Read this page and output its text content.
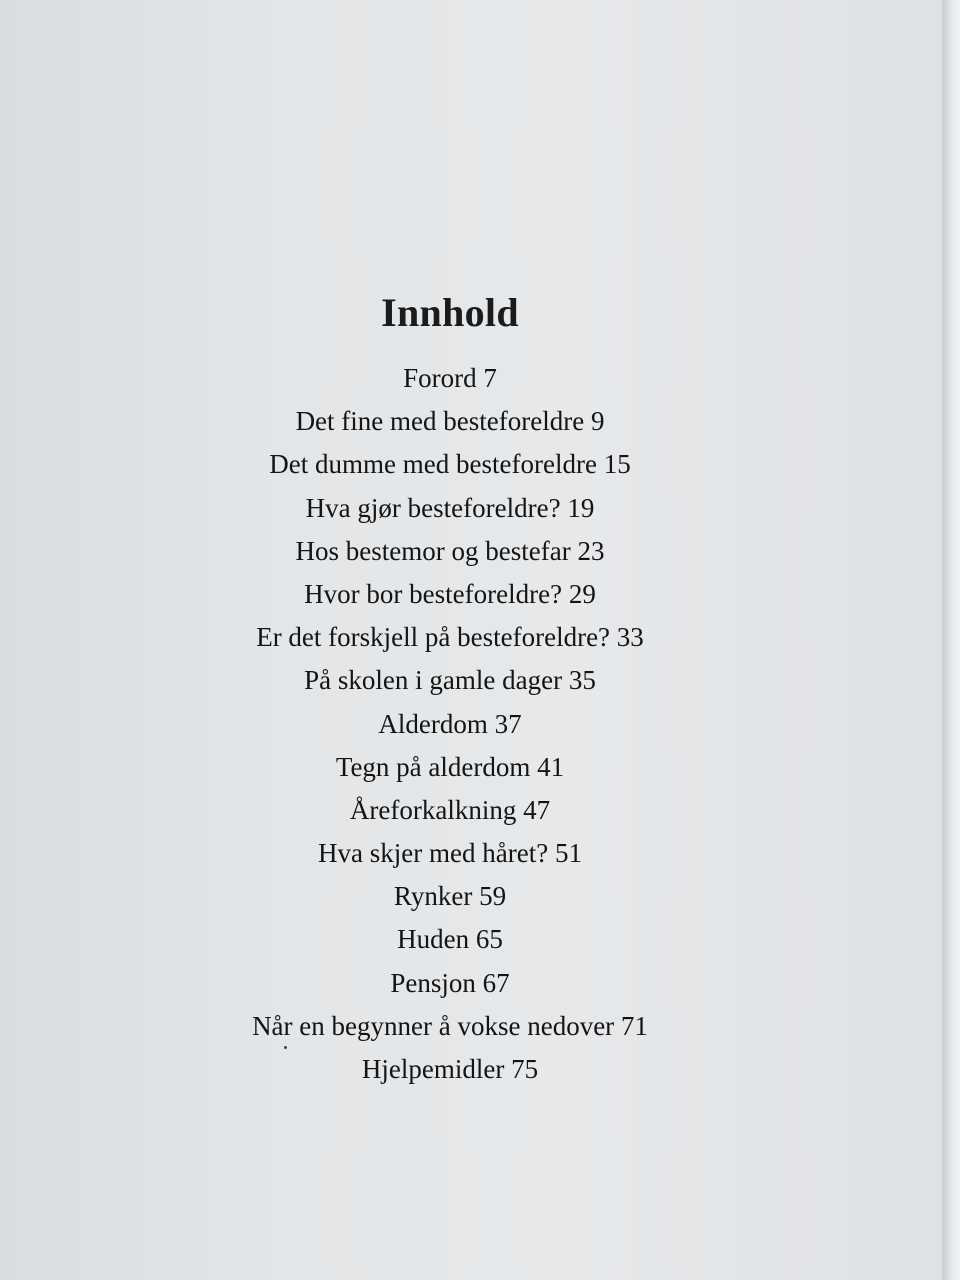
Innhold
Forord 7
Det fine med besteforeldre 9
Det dumme med besteforeldre 15
Hva gjør besteforeldre? 19
Hos bestemor og bestefar 23
Hvor bor besteforeldre? 29
Er det forskjell på besteforeldre? 33
På skolen i gamle dager 35
Alderdom 37
Tegn på alderdom 41
Åreforkalkning 47
Hva skjer med håret? 51
Rynker 59
Huden 65
Pensjon 67
Når en begynner å vokse nedover 71
Hjelpemidler 75
